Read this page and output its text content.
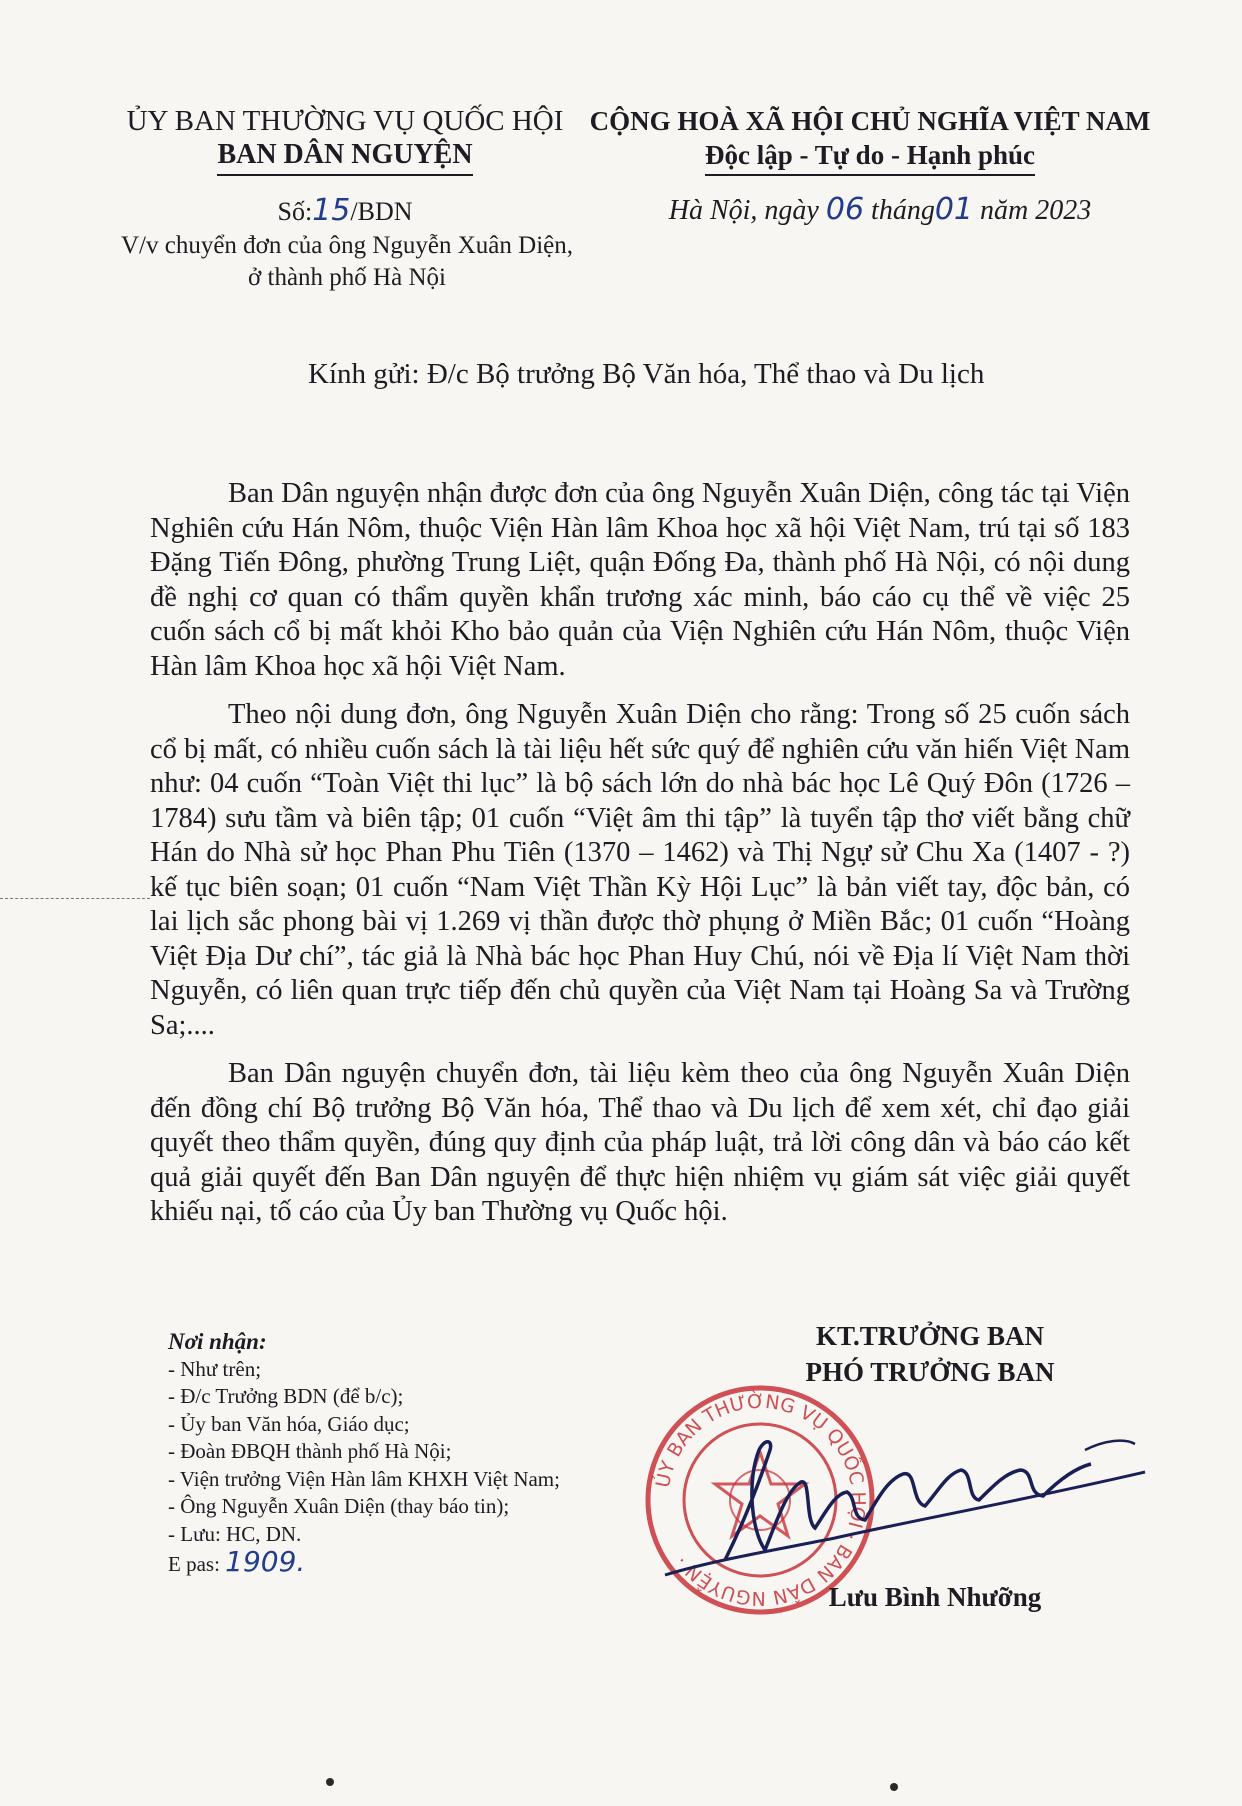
ỦY BAN THƯỜNG VỤ QUỐC HỘI
BAN DÂN NGUYỆN
CỘNG HOÀ XÃ HỘI CHỦ NGHĨA VIỆT NAM
Độc lập - Tự do - Hạnh phúc
Số:15/BDN
V/v chuyển đơn của ông Nguyễn Xuân Diện,
ở thành phố Hà Nội
Hà Nội, ngày 06 tháng01 năm 2023
Kính gửi: Đ/c Bộ trưởng Bộ Văn hóa, Thể thao và Du lịch

Ban Dân nguyện nhận được đơn của ông Nguyễn Xuân Diện, công tác tại Viện Nghiên cứu Hán Nôm, thuộc Viện Hàn lâm Khoa học xã hội Việt Nam, trú tại số 183 Đặng Tiến Đông, phường Trung Liệt, quận Đống Đa, thành phố Hà Nội, có nội dung đề nghị cơ quan có thẩm quyền khẩn trương xác minh, báo cáo cụ thể về việc 25 cuốn sách cổ bị mất khỏi Kho bảo quản của Viện Nghiên cứu Hán Nôm, thuộc Viện Hàn lâm Khoa học xã hội Việt Nam.

Theo nội dung đơn, ông Nguyễn Xuân Diện cho rằng: Trong số 25 cuốn sách cổ bị mất, có nhiều cuốn sách là tài liệu hết sức quý để nghiên cứu văn hiến Việt Nam như: 04 cuốn “Toàn Việt thi lục” là bộ sách lớn do nhà bác học Lê Quý Đôn (1726 – 1784) sưu tầm và biên tập; 01 cuốn “Việt âm thi tập” là tuyển tập thơ viết bằng chữ Hán do Nhà sử học Phan Phu Tiên (1370 – 1462) và Thị Ngự sử Chu Xa (1407 - ?) kế tục biên soạn; 01 cuốn “Nam Việt Thần Kỳ Hội Lục” là bản viết tay, độc bản, có lai lịch sắc phong bài vị 1.269 vị thần được thờ phụng ở Miền Bắc; 01 cuốn “Hoàng Việt Địa Dư chí”, tác giả là Nhà bác học Phan Huy Chú, nói về Địa lí Việt Nam thời Nguyễn, có liên quan trực tiếp đến chủ quyền của Việt Nam tại Hoàng Sa và Trường Sa;....

Ban Dân nguyện chuyển đơn, tài liệu kèm theo của ông Nguyễn Xuân Diện đến đồng chí Bộ trưởng Bộ Văn hóa, Thể thao và Du lịch để xem xét, chỉ đạo giải quyết theo thẩm quyền, đúng quy định của pháp luật, trả lời công dân và báo cáo kết quả giải quyết đến Ban Dân nguyện để thực hiện nhiệm vụ giám sát việc giải quyết khiếu nại, tố cáo của Ủy ban Thường vụ Quốc hội.

Nơi nhận:
- Như trên;
- Đ/c Trưởng BDN (để b/c);
- Ủy ban Văn hóa, Giáo dục;
- Đoàn ĐBQH thành phố Hà Nội;
- Viện trưởng Viện Hàn lâm KHXH Việt Nam;
- Ông Nguyễn Xuân Diện (thay báo tin);
- Lưu: HC, DN.
E pas: 1909.
KT.TRƯỞNG BAN
PHÓ TRƯỞNG BAN
ỦY BAN THƯỜNG VỤ QUỐC HỘI · BAN DÂN NGUYỆN ·
Lưu Bình Nhưỡng
